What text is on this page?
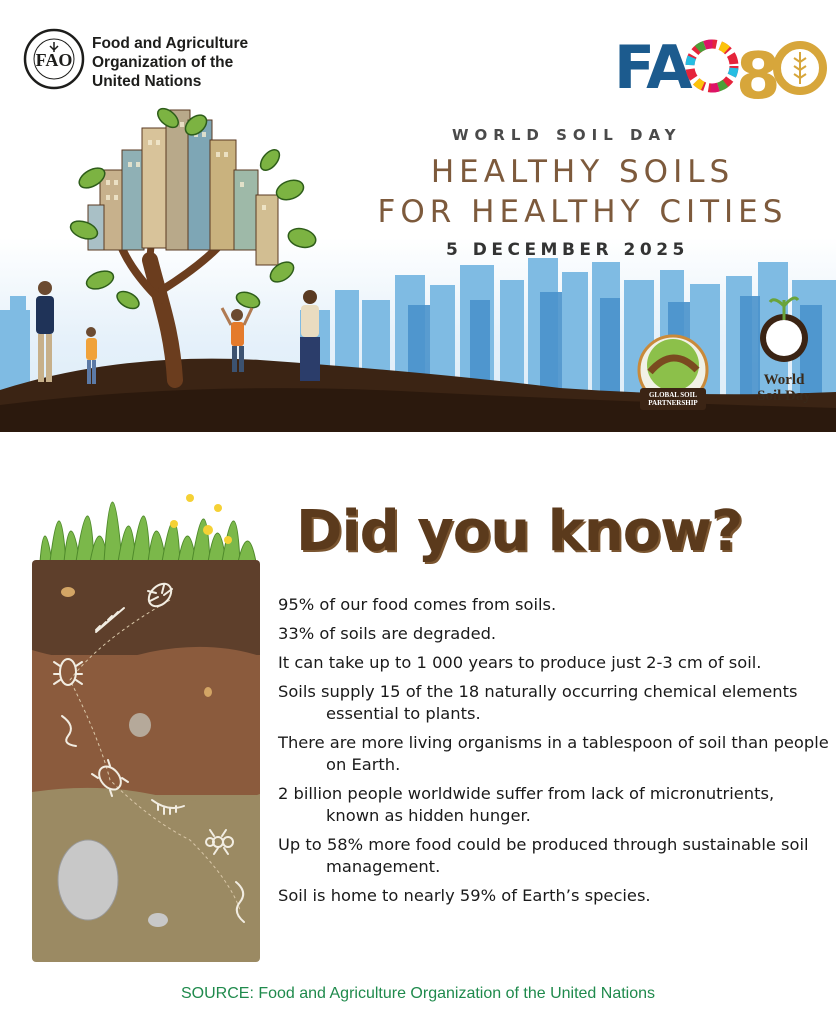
FAO	FA 8
Food and Agriculture
Organization of the
United Nations
WORLD SOIL DAY
HEALTHY SOILS
FOR HEALTHY CITIES
5 DECEMBER 2025
GLOBAL SOIL PARTNERSHIP
World
Soil Day
Did you know?
95% of our food comes from soils.
33% of soils are degraded.
It can take up to 1 000 years to produce just 2-3 cm of soil.
Soils supply 15 of the 18 naturally occurring chemical elements essential to plants.
There are more living organisms in a tablespoon of soil than people on Earth.
2 billion people worldwide suffer from lack of micronutrients, known as hidden hunger.
Up to 58% more food could be produced through sustainable soil management.
Soil is home to nearly 59% of Earth’s species.
SOURCE: Food and Agriculture Organization of the United Nations
